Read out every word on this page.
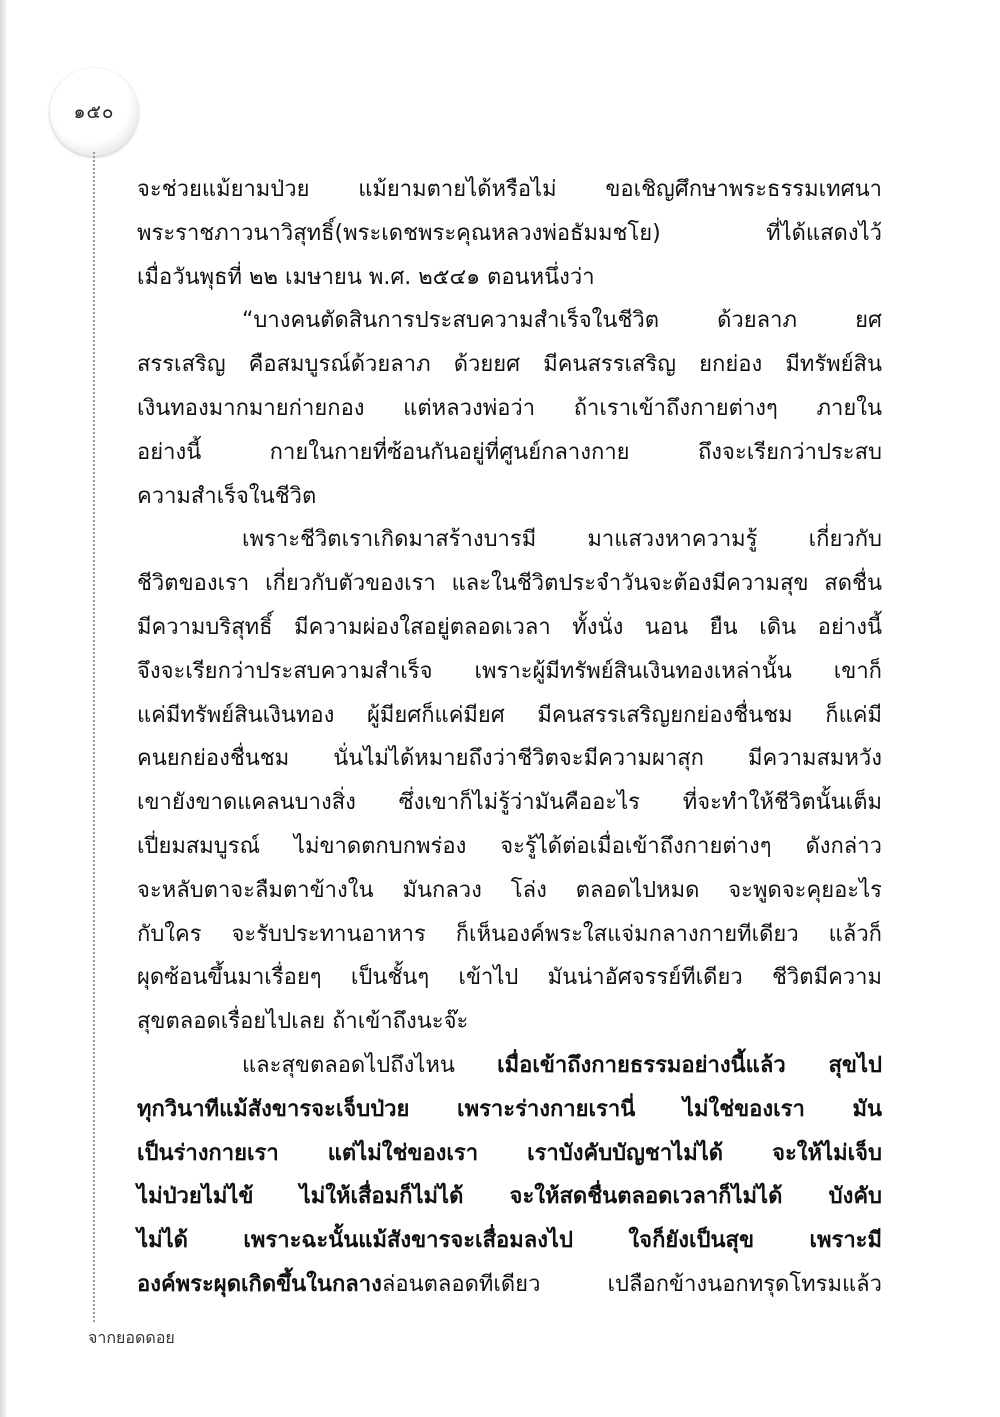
๑๕๐
จะช่วยแม้ยามป่วย แม้ยามตายได้หรือไม่ ขอเชิญศึกษาพระธรรมเทศนา
พระราชภาวนาวิสุทธิ์(พระเดชพระคุณหลวงพ่อธัมมชโย) ที่ได้แสดงไว้
เมื่อวันพุธที่ ๒๒ เมษายน พ.ศ. ๒๕๔๑ ตอนหนึ่งว่า
“บางคนตัดสินการประสบความสำเร็จในชีวิต ด้วยลาภ ยศ
สรรเสริญ คือสมบูรณ์ด้วยลาภ ด้วยยศ มีคนสรรเสริญ ยกย่อง มีทรัพย์สิน
เงินทองมากมายก่ายกอง แต่หลวงพ่อว่า ถ้าเราเข้าถึงกายต่างๆ ภายใน
อย่างนี้ กายในกายที่ซ้อนกันอยู่ที่ศูนย์กลางกาย ถึงจะเรียกว่าประสบ
ความสำเร็จในชีวิต
เพราะชีวิตเราเกิดมาสร้างบารมี มาแสวงหาความรู้ เกี่ยวกับ
ชีวิตของเรา เกี่ยวกับตัวของเรา และในชีวิตประจำวันจะต้องมีความสุข สดชื่น
มีความบริสุทธิ์ มีความผ่องใสอยู่ตลอดเวลา ทั้งนั่ง นอน ยืน เดิน อย่างนี้
จึงจะเรียกว่าประสบความสำเร็จ เพราะผู้มีทรัพย์สินเงินทองเหล่านั้น เขาก็
แค่มีทรัพย์สินเงินทอง ผู้มียศก็แค่มียศ มีคนสรรเสริญยกย่องชื่นชม ก็แค่มี
คนยกย่องชื่นชม นั่นไม่ได้หมายถึงว่าชีวิตจะมีความผาสุก มีความสมหวัง
เขายังขาดแคลนบางสิ่ง ซึ่งเขาก็ไม่รู้ว่ามันคืออะไร ที่จะทำให้ชีวิตนั้นเต็ม
เปี่ยมสมบูรณ์ ไม่ขาดตกบกพร่อง จะรู้ได้ต่อเมื่อเข้าถึงกายต่างๆ ดังกล่าว
จะหลับตาจะลืมตาข้างใน มันกลวง โล่ง ตลอดไปหมด จะพูดจะคุยอะไร
กับใคร จะรับประทานอาหาร ก็เห็นองค์พระใสแจ่มกลางกายทีเดียว แล้วก็
ผุดซ้อนขึ้นมาเรื่อยๆ เป็นชั้นๆ เข้าไป มันน่าอัศจรรย์ทีเดียว ชีวิตมีความ
สุขตลอดเรื่อยไปเลย ถ้าเข้าถึงนะจ๊ะ
และสุขตลอดไปถึงไหน เมื่อเข้าถึงกายธรรมอย่างนี้แล้ว สุขไป
ทุกวินาทีแม้สังขารจะเจ็บป่วย เพราะร่างกายเรานี่ ไม่ใช่ของเรา มัน
เป็นร่างกายเรา แต่ไม่ใช่ของเรา เราบังคับบัญชาไม่ได้ จะให้ไม่เจ็บ
ไม่ป่วยไม่ไข้ ไม่ให้เสื่อมก็ไม่ได้ จะให้สดชื่นตลอดเวลาก็ไม่ได้ บังคับ
ไม่ได้ เพราะฉะนั้นแม้สังขารจะเสื่อมลงไป ใจก็ยังเป็นสุข เพราะมี
องค์พระผุดเกิดขึ้นในกลางล่อนตลอดทีเดียว เปลือกข้างนอกทรุดโทรมแล้ว
จากยอดดอย
